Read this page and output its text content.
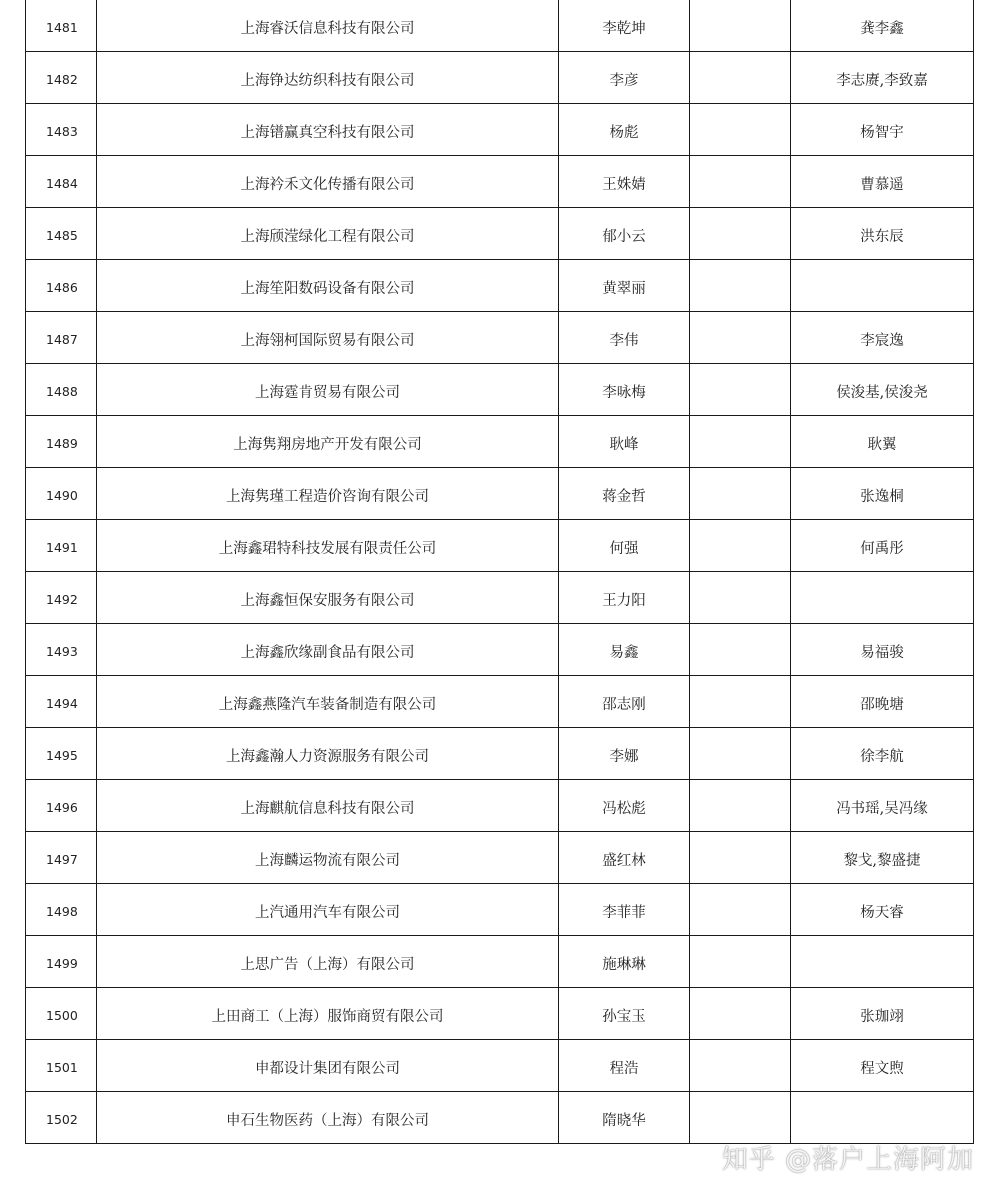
1481	上海睿沃信息科技有限公司	李乾坤		龚李鑫

1482	上海铮达纺织科技有限公司	李彦		李志赓,李致嘉

1483	上海镨赢真空科技有限公司	杨彪		杨智宇

1484	上海衿禾文化传播有限公司	王姝婧		曹慕遥

1485	上海颀滢绿化工程有限公司	郁小云		洪东辰

1486	上海笙阳数码设备有限公司	黄翠丽		

1487	上海翎柯国际贸易有限公司	李伟		李宸逸

1488	上海霆肯贸易有限公司	李咏梅		侯浚基,侯浚尧

1489	上海隽翔房地产开发有限公司	耿峰		耿翼

1490	上海隽瑾工程造价咨询有限公司	蒋金哲		张逸桐

1491	上海鑫珺特科技发展有限责任公司	何强		何禹彤

1492	上海鑫恒保安服务有限公司	王力阳		

1493	上海鑫欣缘副食品有限公司	易鑫		易福骏

1494	上海鑫燕隆汽车装备制造有限公司	邵志刚		邵晚塘

1495	上海鑫瀚人力资源服务有限公司	李娜		徐李航

1496	上海麒航信息科技有限公司	冯松彪		冯书瑶,吴冯缘

1497	上海麟运物流有限公司	盛红林		黎戈,黎盛捷

1498	上汽通用汽车有限公司	李菲菲		杨天睿

1499	上思广告（上海）有限公司	施琳琳		

1500	上田商工（上海）服饰商贸有限公司	孙宝玉		张珈翊

1501	申都设计集团有限公司	程浩		程文煦

1502	申石生物医药（上海）有限公司	隋晓华		

知乎 @落户上海阿加
